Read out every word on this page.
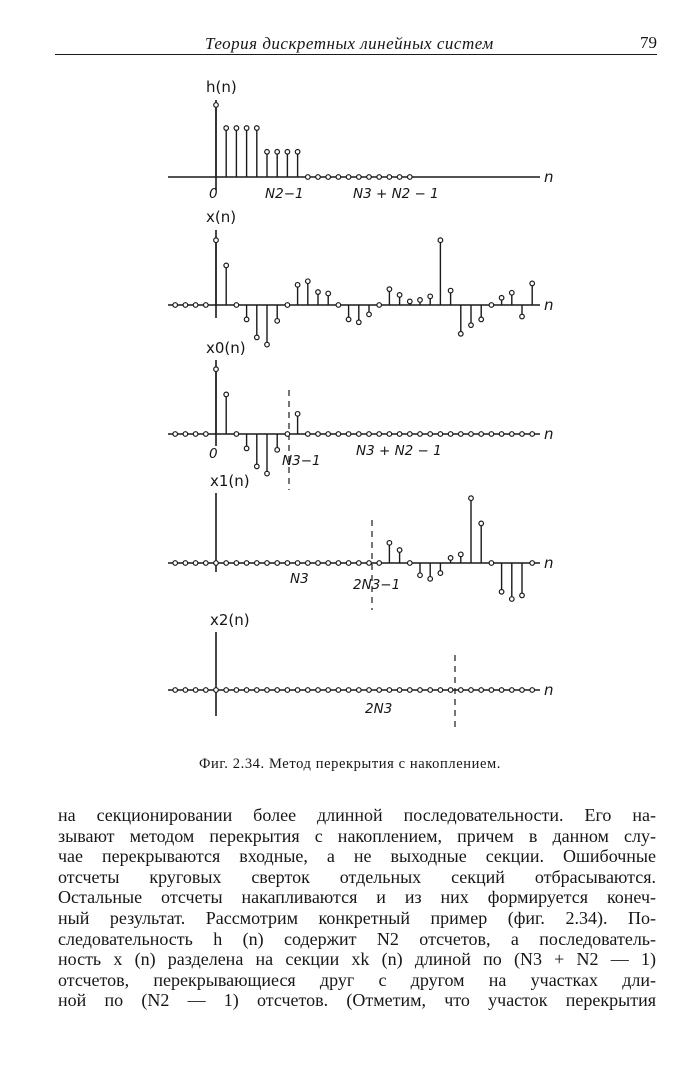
Теория дискретных линейных систем	79
h(n)
n
0	N2−1	N3 + N2 − 1
x(n)
n
x0(n)
n
0	N3−1
N3 + N2 − 1
x1(n)
n
N3	2N3−1
x2(n)
n
2N3
Фиг. 2.34. Метод перекрытия с накоплением.
на секционировании более длинной последовательности. Его на-
зывают методом перекрытия с накоплением, причем в данном слу-
чае перекрываются входные, а не выходные секции. Ошибочные
отсчеты круговых сверток отдельных секций отбрасываются.
Остальные отсчеты накапливаются и из них формируется конеч-
ный результат. Рассмотрим конкретный пример (фиг. 2.34). По-
следовательность h (n) содержит N2 отсчетов, а последователь-
ность x (n) разделена на секции xk (n) длиной по (N3 + N2 — 1)
отсчетов, перекрывающиеся друг с другом на участках дли-
ной по (N2 — 1) отсчетов. (Отметим, что участок перекрытия
